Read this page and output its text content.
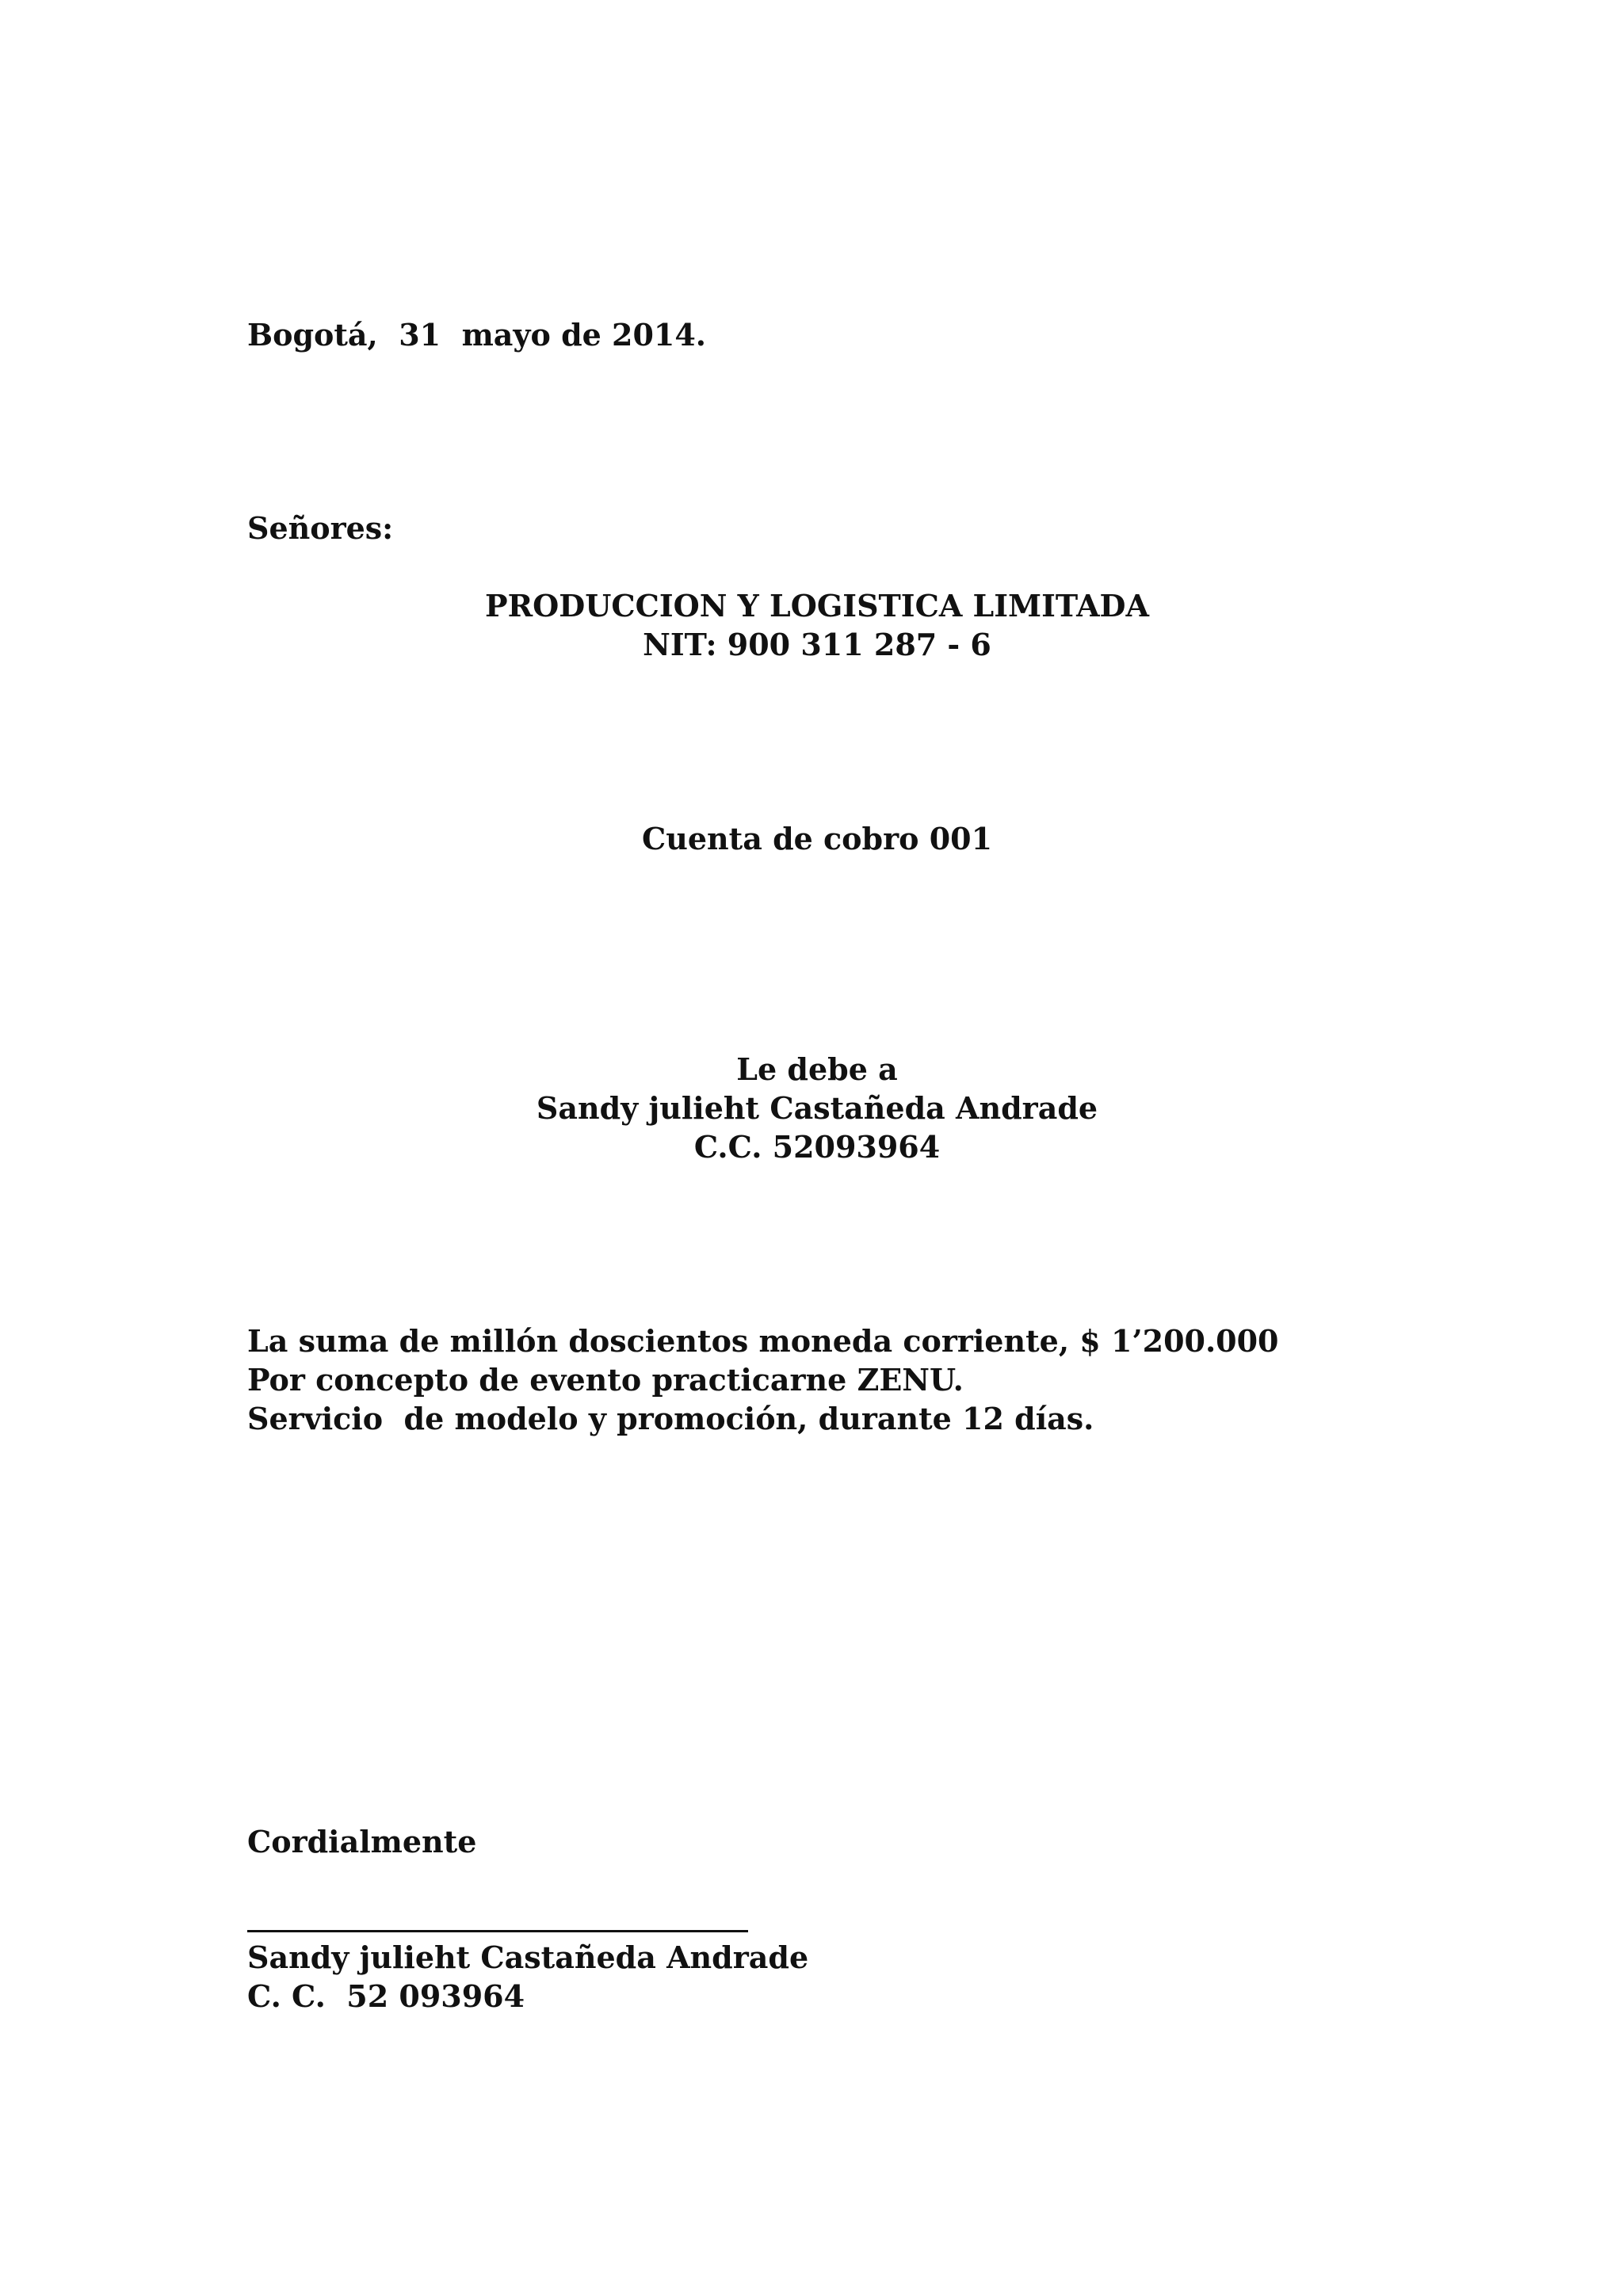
Bogotá,  31  mayo de 2014.
Señores:
PRODUCCION Y LOGISTICA LIMITADA
NIT: 900 311 287 - 6
Cuenta de cobro 001
Le debe a
Sandy julieht Castañeda Andrade
C.C. 52093964
La suma de millón doscientos moneda corriente, $ 1’200.000
Por concepto de evento practicarne ZENU.
Servicio  de modelo y promoción, durante 12 días.
Cordialmente
Sandy julieht Castañeda Andrade
C. C.  52 093964
